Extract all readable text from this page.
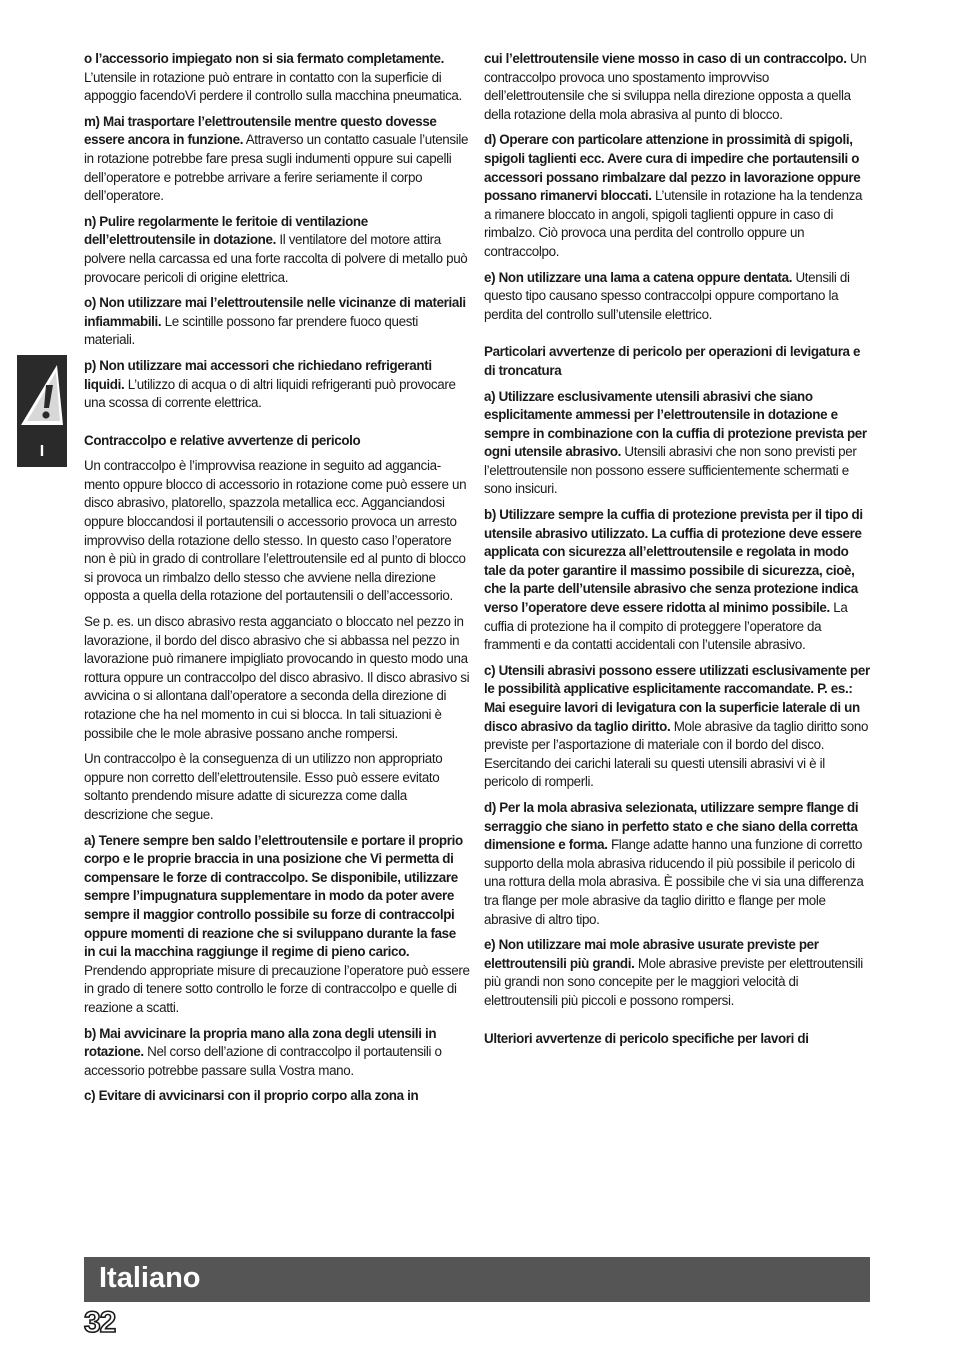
o l’accessorio impiegato non si sia fermato completamente. L’utensile in rotazione può entrare in contatto con la superficie di appoggio facendoVi perdere il controllo sulla macchina pneumatica.

m) Mai trasportare l’elettroutensile mentre questo dovesse essere ancora in funzione. Attraverso un contatto casuale l’utensile in rotazione potrebbe fare presa sugli indumenti oppure sui capelli dell’operatore e potrebbe arrivare a ferire seriamente il corpo dell’operatore.

n) Pulire regolarmente le feritoie di ventilazione dell’elettroutensile in dotazione. Il ventilatore del motore attira polvere nella carcassa ed una forte raccolta di polvere di metallo può provocare pericoli di origine elettrica.

o) Non utilizzare mai l’elettroutensile nelle vicinanze di materiali infiammabili. Le scintille possono far prendere fuoco questi materiali.

p) Non utilizzare mai accessori che richiedano refrigeranti liquidi. L’utilizzo di acqua o di altri liquidi refrigeranti può provocare una scossa di corrente elettrica.

Contraccolpo e relative avvertenze di pericolo

Un contraccolpo è l’improvvisa reazione in seguito ad agganciamento oppure blocco di accessorio in rotazione come può essere un disco abrasivo, platorello, spazzola metallica ecc. Agganciandosi oppure bloccandosi il portautensili o accessorio provoca un arresto improvviso della rotazione dello stesso. In questo caso l’operatore non è più in grado di controllare l’elettroutensile ed al punto di blocco si provoca un rimbalzo dello stesso che avviene nella direzione opposta a quella della rotazione del portautensili o dell’accessorio.

Se p. es. un disco abrasivo resta agganciato o bloccato nel pezzo in lavorazione, il bordo del disco abrasivo che si abbassa nel pezzo in lavorazione può rimanere impigliato provocando in questo modo una rottura oppure un contraccolpo del disco abrasivo. Il disco abrasivo si avvicina o si allontana dall’operatore a seconda della direzione di rotazione che ha nel momento in cui si blocca. In tali situazioni è possibile che le mole abrasive possano anche rompersi.

Un contraccolpo è la conseguenza di un utilizzo non appropriato oppure non corretto dell’elettroutensile. Esso può essere evitato soltanto prendendo misure adatte di sicurezza come dalla descrizione che segue.

a) Tenere sempre ben saldo l’elettroutensile e portare il proprio corpo e le proprie braccia in una posizione che Vi permetta di compensare le forze di contraccolpo. Se disponibile, utilizzare sempre l’impugnatura supplementare in modo da poter avere sempre il maggior controllo possibile su forze di contraccolpi oppure momenti di reazione che si sviluppano durante la fase in cui la macchina raggiunge il regime di pieno carico. Prendendo appropriate misure di precauzione l’operatore può essere in grado di tenere sotto controllo le forze di contraccolpo e quelle di reazione a scatti.

b) Mai avvicinare la propria mano alla zona degli utensili in rotazione. Nel corso dell’azione di contraccolpo il portautensili o accessorio potrebbe passare sulla Vostra mano.

c) Evitare di avvicinarsi con il proprio corpo alla zona in

cui l’elettroutensile viene mosso in caso di un contraccolpo. Un contraccolpo provoca uno spostamento improvviso dell’elettroutensile che si sviluppa nella direzione opposta a quella della rotazione della mola abrasiva al punto di blocco.

d) Operare con particolare attenzione in prossimità di spigoli, spigoli taglienti ecc. Avere cura di impedire che portautensili o accessori possano rimbalzare dal pezzo in lavorazione oppure possano rimanervi bloccati. L’utensile in rotazione ha la tendenza a rimanere bloccato in angoli, spigoli taglienti oppure in caso di rimbalzo. Ciò provoca una perdita del controllo oppure un contraccolpo.

e) Non utilizzare una lama a catena oppure dentata. Utensili di questo tipo causano spesso contraccolpi oppure comportano la perdita del controllo sull’utensile elettrico.

Particolari avvertenze di pericolo per operazioni di levigatura e di troncatura

a) Utilizzare esclusivamente utensili abrasivi che siano esplicitamente ammessi per l’elettroutensile in dotazione e sempre in combinazione con la cuffia di protezione prevista per ogni utensile abrasivo. Utensili abrasivi che non sono previsti per l’elettroutensile non possono essere sufficientemente schermati e sono insicuri.

b) Utilizzare sempre la cuffia di protezione prevista per il tipo di utensile abrasivo utilizzato. La cuffia di protezione deve essere applicata con sicurezza all’elettroutensile e regolata in modo tale da poter garantire il massimo possibile di sicurezza, cioè, che la parte dell’utensile abrasivo che senza protezione indica verso l’operatore deve essere ridotta al minimo possibile. La cuffia di protezione ha il compito di proteggere l’operatore da frammenti e da contatti accidentali con l’utensile abrasivo.

c) Utensili abrasivi possono essere utilizzati esclusivamente per le possibilità applicative esplicitamente raccomandate. P. es.: Mai eseguire lavori di levigatura con la superficie laterale di un disco abrasivo da taglio diritto. Mole abrasive da taglio diritto sono previste per l’asportazione di materiale con il bordo del disco. Esercitando dei carichi laterali su questi utensili abrasivi vi è il pericolo di romperli.

d) Per la mola abrasiva selezionata, utilizzare sempre flange di serraggio che siano in perfetto stato e che siano della corretta dimensione e forma. Flange adatte hanno una funzione di corretto supporto della mola abrasiva riducendo il più possibile il pericolo di una rottura della mola abrasiva. È possibile che vi sia una differenza tra flange per mole abrasive da taglio diritto e flange per mole abrasive di altro tipo.

e) Non utilizzare mai mole abrasive usurate previste per elettroutensili più grandi. Mole abrasive previste per elettroutensili più grandi non sono concepite per le maggiori velocità di elettroutensili più piccoli e possono rompersi.

Ulteriori avvertenze di pericolo specifiche per lavori di
I
Italiano
32
